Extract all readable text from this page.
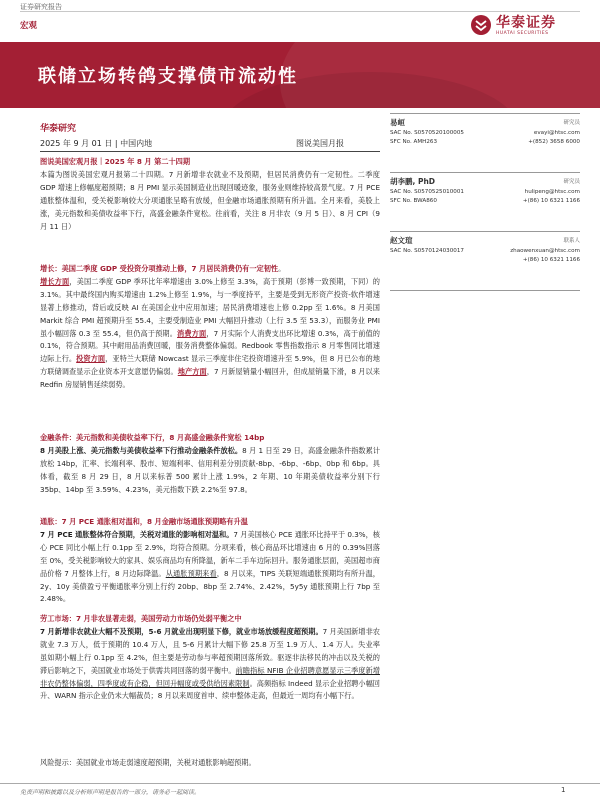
证券研究报告
宏观	华泰证券
HUATAI SECURITIES
联储立场转鸽支撑债市流动性
华泰研究
2025 年 9 月 01 日 | 中国内地	图说美国月报
图说美国宏观月报｜2025 年 8 月 第二十四期
本篇为图说美国宏观月报第二十四期。7 月新增非农就业不及预期，但居民消费仍有一定韧性。二季度 GDP 增速上修幅度超预期；8 月 PMI 显示美国制造业出现回暖迹象，服务业则维持较高景气度。7 月 PCE 通胀整体温和，受关税影响较大分项通胀呈略有放缓，但金融市场通胀预期有所升温。全月来看，美股上涨，美元指数和美债收益率下行，高盛金融条件宽松。往前看，关注 8 月非农（9 月 5 日）、8 月 CPI（9 月 11 日）
增长：美国二季度 GDP 受投资分项推动上修，7 月居民消费仍有一定韧性。
增长方面，美国二季度 GDP 季环比年率增速由 3.0%上修至 3.3%，高于预期（彭博一致预期，下同）的 3.1%。其中最终国内购买增速由 1.2%上修至 1.9%，与一季度持平，主要是受到无形资产投资-软件增速显著上修推动，背后或反映 AI 在美国企业中应用加速；居民消费增速也上修 0.2pp 至 1.6%。8 月美国 Markit 综合 PMI 超预期升至 55.4，主要受制造业 PMI 大幅回升推动（上行 3.5 至 53.3），而服务业 PMI 虽小幅回落 0.3 至 55.4，但仍高于预期。消费方面，7 月实际个人消费支出环比增速 0.3%，高于前值的 0.1%，符合预期。其中耐用品消费回暖，服务消费整体偏弱。Redbook 零售指数指示 8 月零售同比增速边际上行。投资方面，亚特兰大联储 Nowcast 显示三季度非住宅投资增速升至 5.9%，但 8 月已公布的地方联储调查显示企业资本开支意愿仍偏弱。地产方面，7 月新屋销量小幅回升，但成屋销量下滑，8 月以来 Redfin 房屋销售延续弱势。
金融条件：美元指数和美债收益率下行，8 月高盛金融条件宽松 14bp
8 月美股上涨、美元指数与美债收益率下行推动金融条件放松。8 月 1 日至 29 日，高盛金融条件指数累计放松 14bp，汇率、长端利率、股市、短端利率、信用利差分别贡献-8bp、-6bp、-6bp、0bp 和 6bp。具体看，截至 8 月 29 日，8 月以来标普 500 累计上涨 1.9%，2 年期、10 年期美债收益率分别下行 35bp、14bp 至 3.59%、4.23%，美元指数下跌 2.2%至 97.8。
通胀：7 月 PCE 通胀相对温和，8 月金融市场通胀预期略有升温
7 月 PCE 通胀整体符合预期，关税对通胀的影响相对温和。7 月美国核心 PCE 通胀环比持平于 0.3%，核心 PCE 同比小幅上行 0.1pp 至 2.9%，均符合预期。分项来看，核心商品环比增速由 6 月的 0.39%回落至 0%，受关税影响较大的家具、娱乐商品均有所降温，新车二手车边际回升。服务通胀层面，美国超市商品价格 7 月整体上行，8 月边际降温。从通胀预期来看，8 月以来，TIPS 关联短端通胀预期均有所升温，2y、10y 美债盈亏平衡通胀率分别上行约 20bp、8bp 至 2.74%、2.42%，5y5y 通胀预期上行 7bp 至 2.48%。
劳工市场：7 月非农显著走弱，美国劳动力市场仍处弱平衡之中
7 月新增非农就业大幅不及预期，5-6 月就业出现明显下修，就业市场放缓程度超预期。7 月美国新增非农就业 7.3 万人，低于预期的 10.4 万人，且 5-6 月累计大幅下修 25.8 万至 1.9 万人、1.4 万人。失业率虽如期小幅上行 0.1pp 至 4.2%，但主要是劳动参与率超预期回落所致。驱逐非法移民的冲击以及关税的滞后影响之下，美国就业市场处于供需共同回落的弱平衡中。前瞻指标 NFIB 企业招聘意愿显示三季度新增非农仍整体偏弱，四季度或有企稳，但回升幅度或受供给因素限制。高频指标 Indeed 显示企业招聘小幅回升、WARN 指示企业仍未大幅裁员；8 月以来周度首申、续申整体走高，但最近一周均有小幅下行。
风险提示：美国就业市场走弱速度超预期，关税对通胀影响超预期。
易峘	研究员
SAC No. S0570520100005
SFC No. AMH263
evayi@htsc.com
+(852) 3658 6000
胡李鹏, PhD	研究员
SAC No. S0570525010001
SFC No. BWA860
hulipeng@htsc.com
+(86) 10 6321 1166
赵文瑄	联系人
SAC No. S0570124030017	zhaowenxuan@htsc.com
+(86) 10 6321 1166
免责声明和披露以及分析师声明是报告的一部分，请务必一起阅读。	1
